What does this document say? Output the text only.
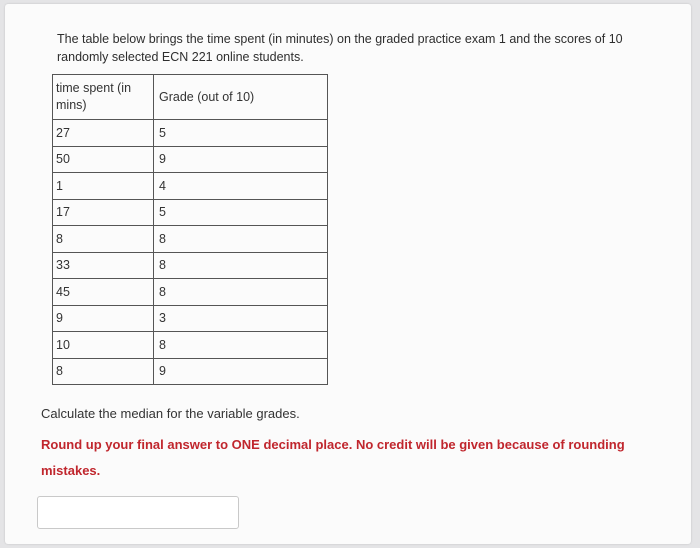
The table below brings the time spent (in minutes) on the graded practice exam 1 and the scores of 10 randomly selected ECN 221 online students.
time spent (in mins)	Grade (out of 10)
27	5
50	9
1	4
17	5
8	8
33	8
45	8
9	3
10	8
8	9
Calculate the median for the variable grades.
Round up your final answer to ONE decimal place. No credit will be given because of rounding mistakes.
